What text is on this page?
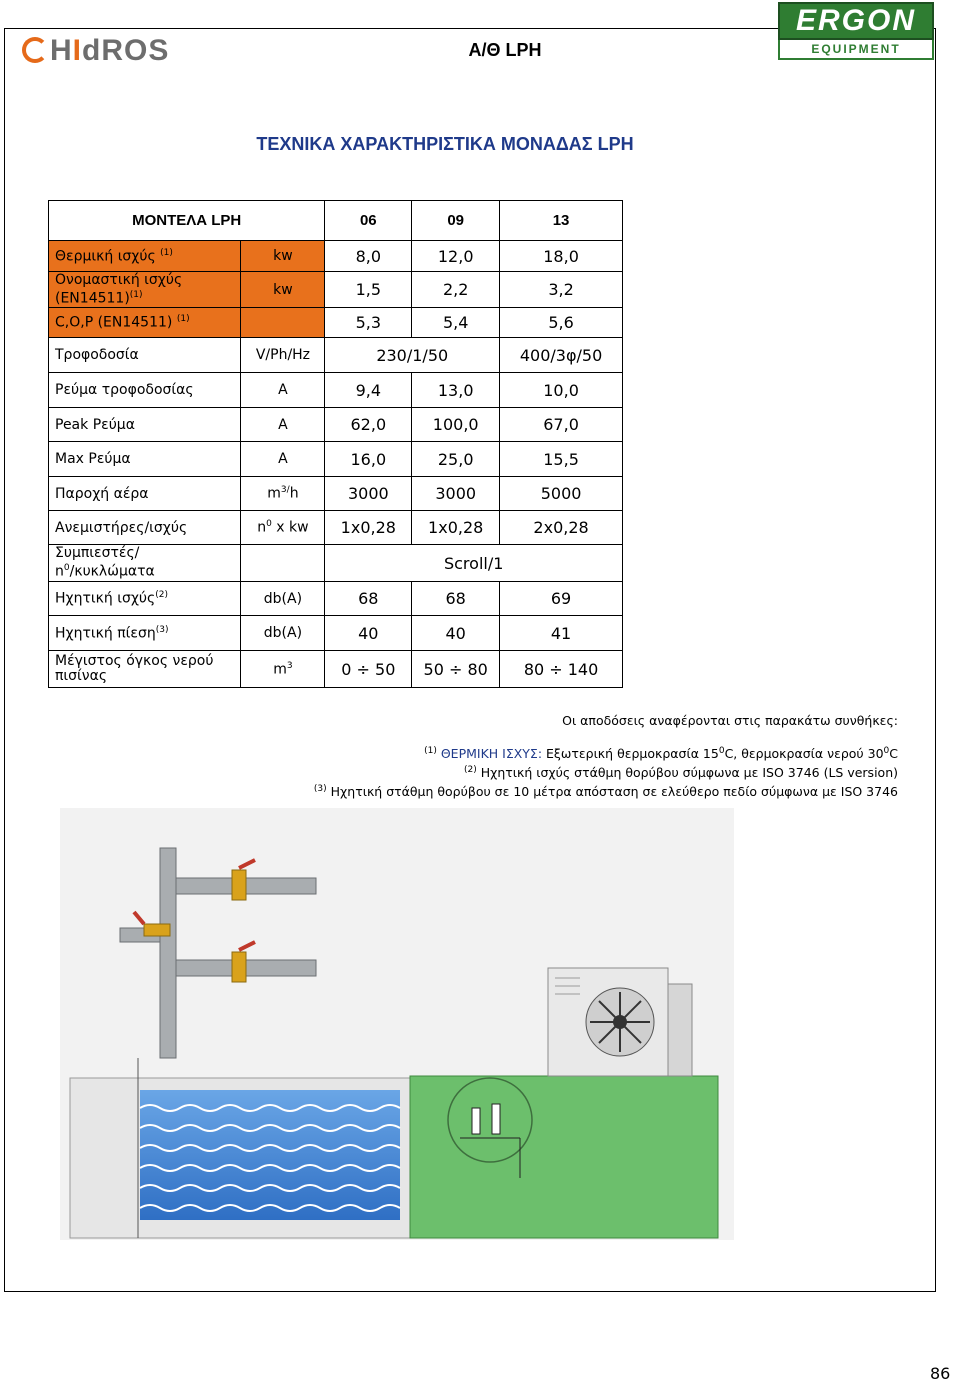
HIdROS	Α/Θ LPH
ERGON
EQUIPMENT
ΤΕΧΝΙΚΑ ΧΑΡΑΚΤΗΡΙΣΤΙΚΑ ΜΟΝΑΔΑΣ LPH
ΜΟΝΤΕΛΑ LPH		06	09	13
Θερμική ισχύς $^{(1)}$	kw	8,0	12,0	18,0
Ονομαστική ισχύς $(EN14511)^{(1)}$	kw	1,5	2,2	3,2
C,O,P (EN14511) $^{(1)}$		5,3	5,4	5,6
Τροφοδοσία	V/Ph/Hz	230/1/50		400/3φ/50
Ρεύμα τροφοδοσίας	A	9,4	13,0	10,0
Peak Ρεύμα	A	62,0	100,0	67,0
Max Ρεύμα	A	16,0	25,0	15,5
Παροχή αέρα	$m^{3/}h$	3000	3000	5000
Ανεμιστήρες/ισχύς	$n^0$ x kw	1x0,28	1x0,28	2x0,28
Συμπιεστές/
$n^0$/κυκλώματα		Scroll/1		
Ηχητική ισχύς$^{(2)}$	db(A)	68	68	69
Ηχητική πίεση$^{(3)}$	db(A)	40	40	41
Μέγιστος όγκος νερού πισίνας	$m^3$	0 ÷ 50	50 ÷ 80	80 ÷ 140
Οι αποδόσεις αναφέρονται στις παρακάτω συνθήκες:
$^{(1)}$ ΘΕΡΜΙΚΗ ΙΣΧΥΣ: Εξωτερική θερμοκρασία $15^0C$, θερμοκρασία νερού $30^0C$
$^{(2)}$ Ηχητική ισχύς στάθμη θορύβου σύμφωνα με ISO 3746 (LS version)
$^{(3)}$ Ηχητική στάθμη θορύβου σε 10 μέτρα απόσταση σε ελεύθερο πεδίο σύμφωνα με ISO 3746
86
